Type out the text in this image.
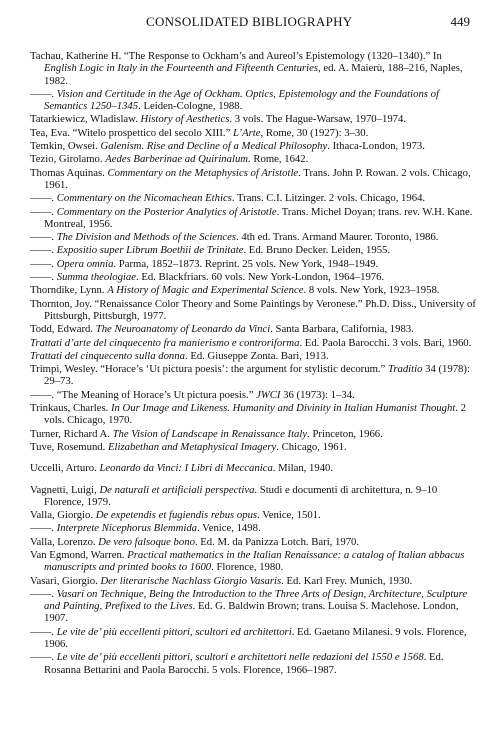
CONSOLIDATED BIBLIOGRAPHY	449

Tachau, Katherine H. “The Response to Ockham’s and Aureol’s Epistemology (1320–1340).” In English Logic in Italy in the Fourteenth and Fifteenth Centuries, ed. A. Maierù, 188–216, Naples, 1982.

——. Vision and Certitude in the Age of Ockham. Optics, Epistemology and the Foundations of Semantics 1250–1345. Leiden-Cologne, 1988.

Tatarkiewicz, Wladislaw. History of Aesthetics. 3 vols. The Hague-Warsaw, 1970–1974.

Tea, Eva. “Witelo prospettico del secolo XIII.” L’Arte, Rome, 30 (1927): 3–30.

Temkin, Owsei. Galenism. Rise and Decline of a Medical Philosophy. Ithaca-London, 1973.

Tezio, Girolamo. Aedes Barberinae ad Quirinalum. Rome, 1642.

Thomas Aquinas. Commentary on the Metaphysics of Aristotle. Trans. John P. Rowan. 2 vols. Chicago, 1961.

——. Commentary on the Nicomachean Ethics. Trans. C.I. Litzinger. 2 vols. Chicago, 1964.

——. Commentary on the Posterior Analytics of Aristotle. Trans. Michel Doyan; trans. rev. W.H. Kane. Montreal, 1956.

——. The Division and Methods of the Sciences. 4th ed. Trans. Armand Maurer. Toronto, 1986.

——. Expositio super Librum Boethii de Trinitate. Ed. Bruno Decker. Leiden, 1955.

——. Opera omnia. Parma, 1852–1873. Reprint. 25 vols. New York, 1948–1949.

——. Summa theologiae. Ed. Blackfriars. 60 vols. New York-London, 1964–1976.

Thorndike, Lynn. A History of Magic and Experimental Science. 8 vols. New York, 1923–1958.

Thornton, Joy. “Renaissance Color Theory and Some Paintings by Veronese.” Ph.D. Diss., University of Pittsburgh, Pittsburgh, 1977.

Todd, Edward. The Neuroanatomy of Leonardo da Vinci. Santa Barbara, California, 1983.

Trattati d’arte del cinquecento fra manierismo e controriforma. Ed. Paola Barocchi. 3 vols. Bari, 1960.

Trattati del cinquecento sulla donna. Ed. Giuseppe Zonta. Bari, 1913.

Trimpi, Wesley. “Horace’s ‘Ut pictura poesis’: the argument for stylistic decorum.” Traditio 34 (1978): 29–73.

——. “The Meaning of Horace’s Ut pictura poesis.” JWCI 36 (1973): 1–34.

Trinkaus, Charles. In Our Image and Likeness. Humanity and Divinity in Italian Humanist Thought. 2 vols. Chicago, 1970.

Turner, Richard A. The Vision of Landscape in Renaissance Italy. Princeton, 1966.

Tuve, Rosemund. Elizabethan and Metaphysical Imagery. Chicago, 1961.

Uccelli, Arturo. Leonardo da Vinci: I Libri di Meccanica. Milan, 1940.

Vagnetti, Luigi, De naturali et artificiali perspectiva. Studi e documenti di architettura, n. 9–10 Florence, 1979.

Valla, Giorgio. De expetendis et fugiendis rebus opus. Venice, 1501.

——. Interprete Nicephorus Blemmida. Venice, 1498.

Valla, Lorenzo. De vero falsoque bono. Ed. M. da Panizza Lotch. Bari, 1970.

Van Egmond, Warren. Practical mathematics in the Italian Renaissance: a catalog of Italian abbacus manuscripts and printed books to 1600. Florence, 1980.

Vasari, Giorgio. Der literarische Nachlass Giorgio Vasaris. Ed. Karl Frey. Munich, 1930.

——. Vasari on Technique, Being the Introduction to the Three Arts of Design, Architecture, Sculpture and Painting, Prefixed to the Lives. Ed. G. Baldwin Brown; trans. Louisa S. Maclehose. London, 1907.

——. Le vite de’ più eccellenti pittori, scultori ed architettori. Ed. Gaetano Milanesi. 9 vols. Florence, 1906.

——. Le vite de’ più eccellenti pittori, scultori e architettori nelle redazioni del 1550 e 1568. Ed. Rosanna Bettarini and Paola Barocchi. 5 vols. Florence, 1966–1987.
